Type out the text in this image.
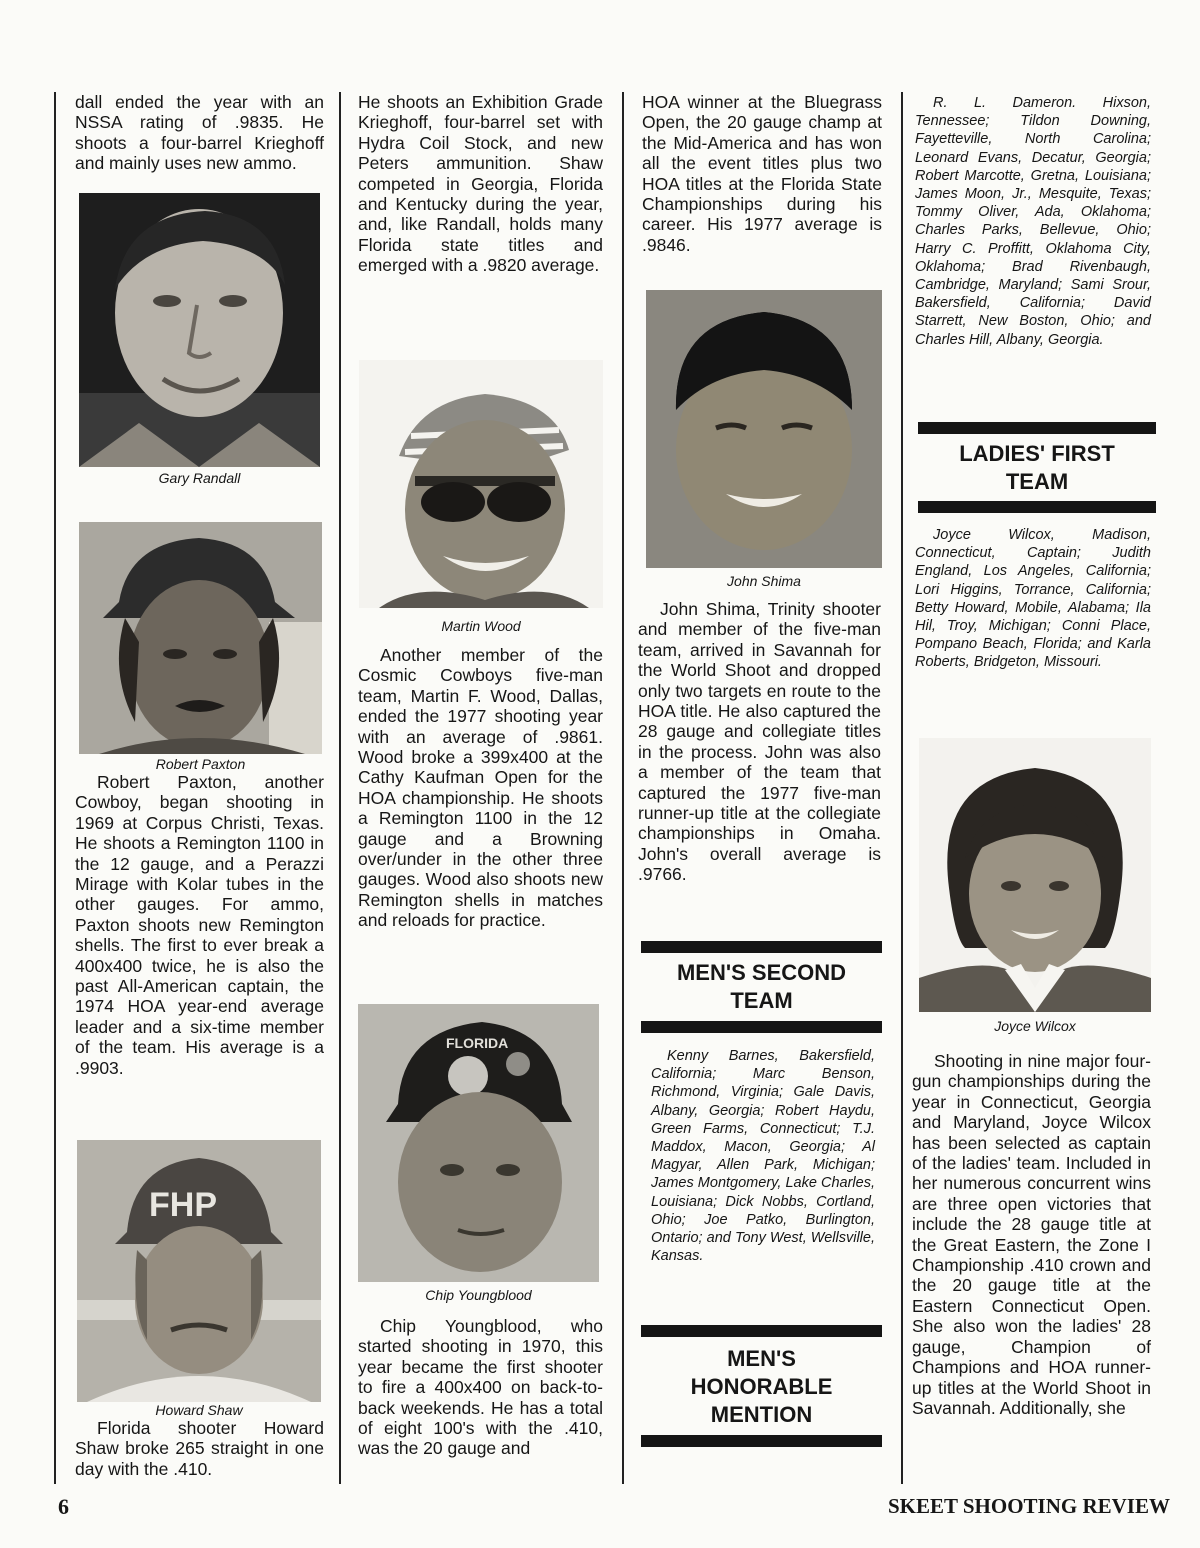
dall ended the year with an NSSA rating of .9835. He shoots a four-barrel Krieghoff and mainly uses new ammo.

Gary Randall

Robert Paxton

Robert Paxton, another Cowboy, began shooting in 1969 at Corpus Christi, Texas. He shoots a Remington 1100 in the 12 gauge, and a Perazzi Mirage with Kolar tubes in the other gauges. For ammo, Paxton shoots new Remington shells. The first to ever break a 400x400 twice, he is also the past All-American captain, the 1974 HOA year-end average leader and a six-time member of the team. His average is a .9903.

FHP

Howard Shaw

Florida shooter Howard Shaw broke 265 straight in one day with the .410.

He shoots an Exhibition Grade Krieghoff, four-barrel set with Hydra Coil Stock, and new Peters ammunition. Shaw competed in Georgia, Florida and Kentucky during the year, and, like Randall, holds many Florida state titles and emerged with a .9820 average.

Martin Wood

Another member of the Cosmic Cowboys five-man team, Martin F. Wood, Dallas, ended the 1977 shooting year with an average of .9861. Wood broke a 399x400 at the Cathy Kaufman Open for the HOA championship. He shoots a Remington 1100 in the 12 gauge and a Browning over/under in the other three gauges. Wood also shoots new Remington shells in matches and reloads for practice.

FLORIDA

Chip Youngblood

Chip Youngblood, who started shooting in 1970, this year became the first shooter to fire a 400x400 on back-to-back weekends. He has a total of eight 100's with the .410, was the 20 gauge and

HOA winner at the Bluegrass Open, the 20 gauge champ at the Mid-America and has won all the event titles plus two HOA titles at the Florida State Championships during his career. His 1977 average is .9846.

John Shima

John Shima, Trinity shooter and member of the five-man team, arrived in Savannah for the World Shoot and dropped only two targets en route to the HOA title. He also captured the 28 gauge and collegiate titles in the process. John was also a member of the team that captured the 1977 five-man runner-up title at the collegiate championships in Omaha. John's overall average is .9766.

MEN'S SECOND
TEAM

Kenny Barnes, Bakersfield, California; Marc Benson, Richmond, Virginia; Gale Davis, Albany, Georgia; Robert Haydu, Green Farms, Connecticut; T.J. Maddox, Macon, Georgia; Al Magyar, Allen Park, Michigan; James Montgomery, Lake Charles, Louisiana; Dick Nobbs, Cortland, Ohio; Joe Patko, Burlington, Ontario; and Tony West, Wellsville, Kansas.

MEN'S
HONORABLE
MENTION

R. L. Dameron. Hixson, Tennessee; Tildon Downing, Fayetteville, North Carolina; Leonard Evans, Decatur, Georgia; Robert Marcotte, Gretna, Louisiana; James Moon, Jr., Mesquite, Texas; Tommy Oliver, Ada, Oklahoma; Charles Parks, Bellevue, Ohio; Harry C. Proffitt, Oklahoma City, Oklahoma; Brad Rivenbaugh, Cambridge, Maryland; Sami Srour, Bakersfield, California; David Starrett, New Boston, Ohio; and Charles Hill, Albany, Georgia.

LADIES' FIRST
TEAM

Joyce Wilcox, Madison, Connecticut, Captain; Judith England, Los Angeles, California; Lori Higgins, Torrance, California; Betty Howard, Mobile, Alabama; Ila Hil, Troy, Michigan; Conni Place, Pompano Beach, Florida; and Karla Roberts, Bridgeton, Missouri.

Joyce Wilcox

Shooting in nine major four-gun championships during the year in Connecticut, Georgia and Maryland, Joyce Wilcox has been selected as captain of the ladies' team. Included in her numerous concurrent wins are three open victories that include the 28 gauge title at the Great Eastern, the Zone I Championship .410 crown and the 20 gauge title at the Eastern Connecticut Open. She also won the ladies' 28 gauge, Champion of Champions and HOA runner-up titles at the World Shoot in Savannah. Additionally, she

6	SKEET SHOOTING REVIEW
